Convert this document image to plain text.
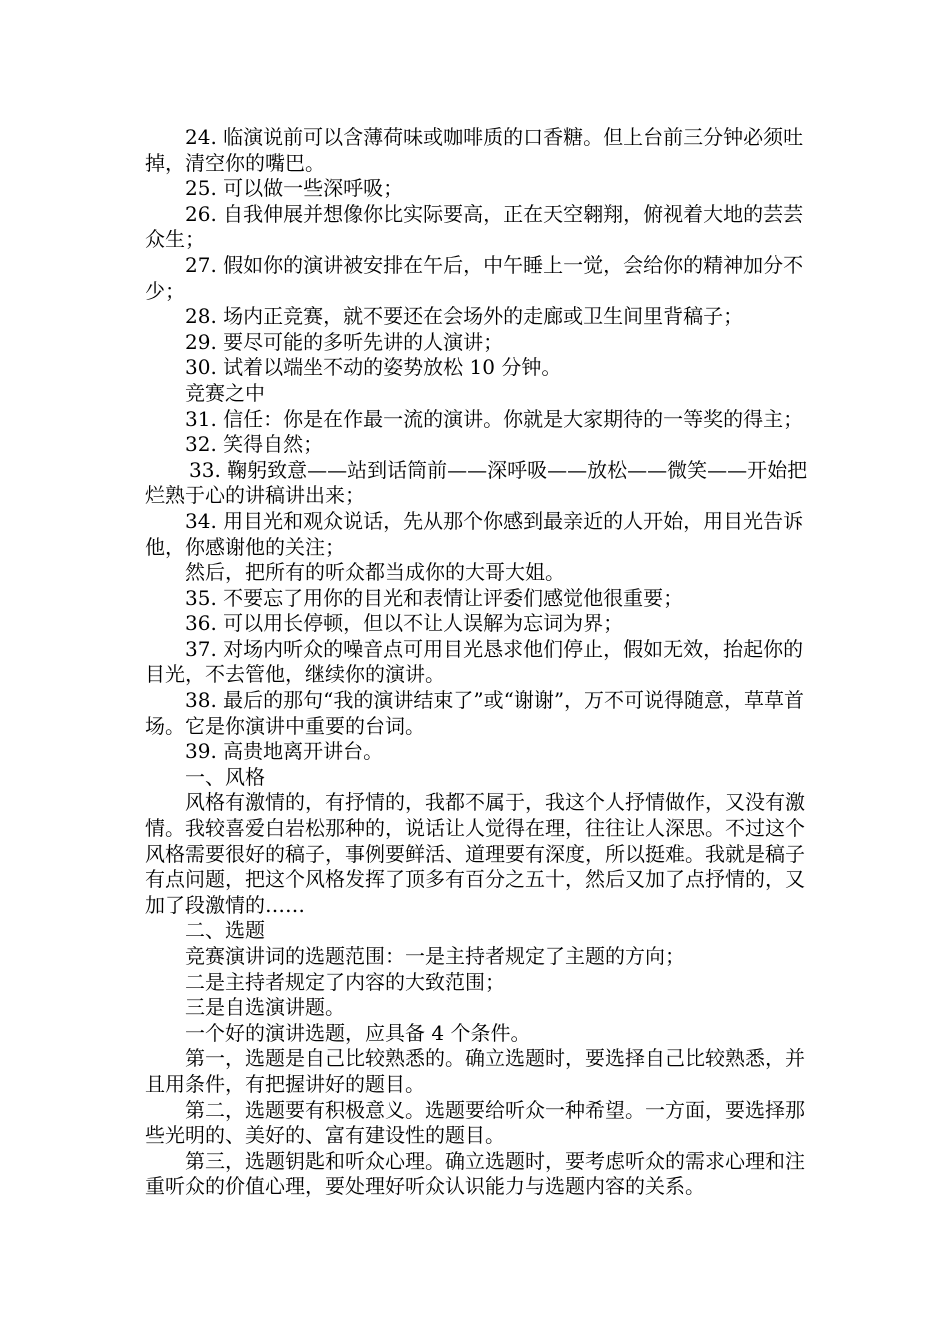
24. 临演说前可以含薄荷味或咖啡质的口香糖。但上台前三分钟必须吐掉，清空你的嘴巴。

25. 可以做一些深呼吸；

26. 自我伸展并想像你比实际要高，正在天空翱翔，俯视着大地的芸芸众生；

27. 假如你的演讲被安排在午后，中午睡上一觉，会给你的精神加分不少；

28. 场内正竞赛，就不要还在会场外的走廊或卫生间里背稿子；

29. 要尽可能的多听先讲的人演讲；

30. 试着以端坐不动的姿势放松 10 分钟。

竞赛之中

31. 信任：你是在作最一流的演讲。你就是大家期待的一等奖的得主；

32. 笑得自然；

33. 鞠躬致意——站到话筒前——深呼吸——放松——微笑——开始把烂熟于心的讲稿讲出来；

34. 用目光和观众说话，先从那个你感到最亲近的人开始，用目光告诉他，你感谢他的关注；

然后，把所有的听众都当成你的大哥大姐。

35. 不要忘了用你的目光和表情让评委们感觉他很重要；

36. 可以用长停顿，但以不让人误解为忘词为界；

37. 对场内听众的噪音点可用目光恳求他们停止，假如无效，抬起你的目光，不去管他，继续你的演讲。

38. 最后的那句“我的演讲结束了”或“谢谢”，万不可说得随意，草草首场。它是你演讲中重要的台词。

39. 高贵地离开讲台。

一、风格

风格有激情的，有抒情的，我都不属于，我这个人抒情做作，又没有激情。我较喜爱白岩松那种的，说话让人觉得在理，往往让人深思。不过这个风格需要很好的稿子，事例要鲜活、道理要有深度，所以挺难。我就是稿子有点问题，把这个风格发挥了顶多有百分之五十，然后又加了点抒情的，又加了段激情的……

二、选题

竞赛演讲词的选题范围：一是主持者规定了主题的方向；

二是主持者规定了内容的大致范围；

三是自选演讲题。

一个好的演讲选题，应具备 4 个条件。

第一，选题是自己比较熟悉的。确立选题时，要选择自己比较熟悉，并且用条件，有把握讲好的题目。

第二，选题要有积极意义。选题要给听众一种希望。一方面，要选择那些光明的、美好的、富有建设性的题目。

第三，选题钥匙和听众心理。确立选题时，要考虑听众的需求心理和注重听众的价值心理，要处理好听众认识能力与选题内容的关系。
